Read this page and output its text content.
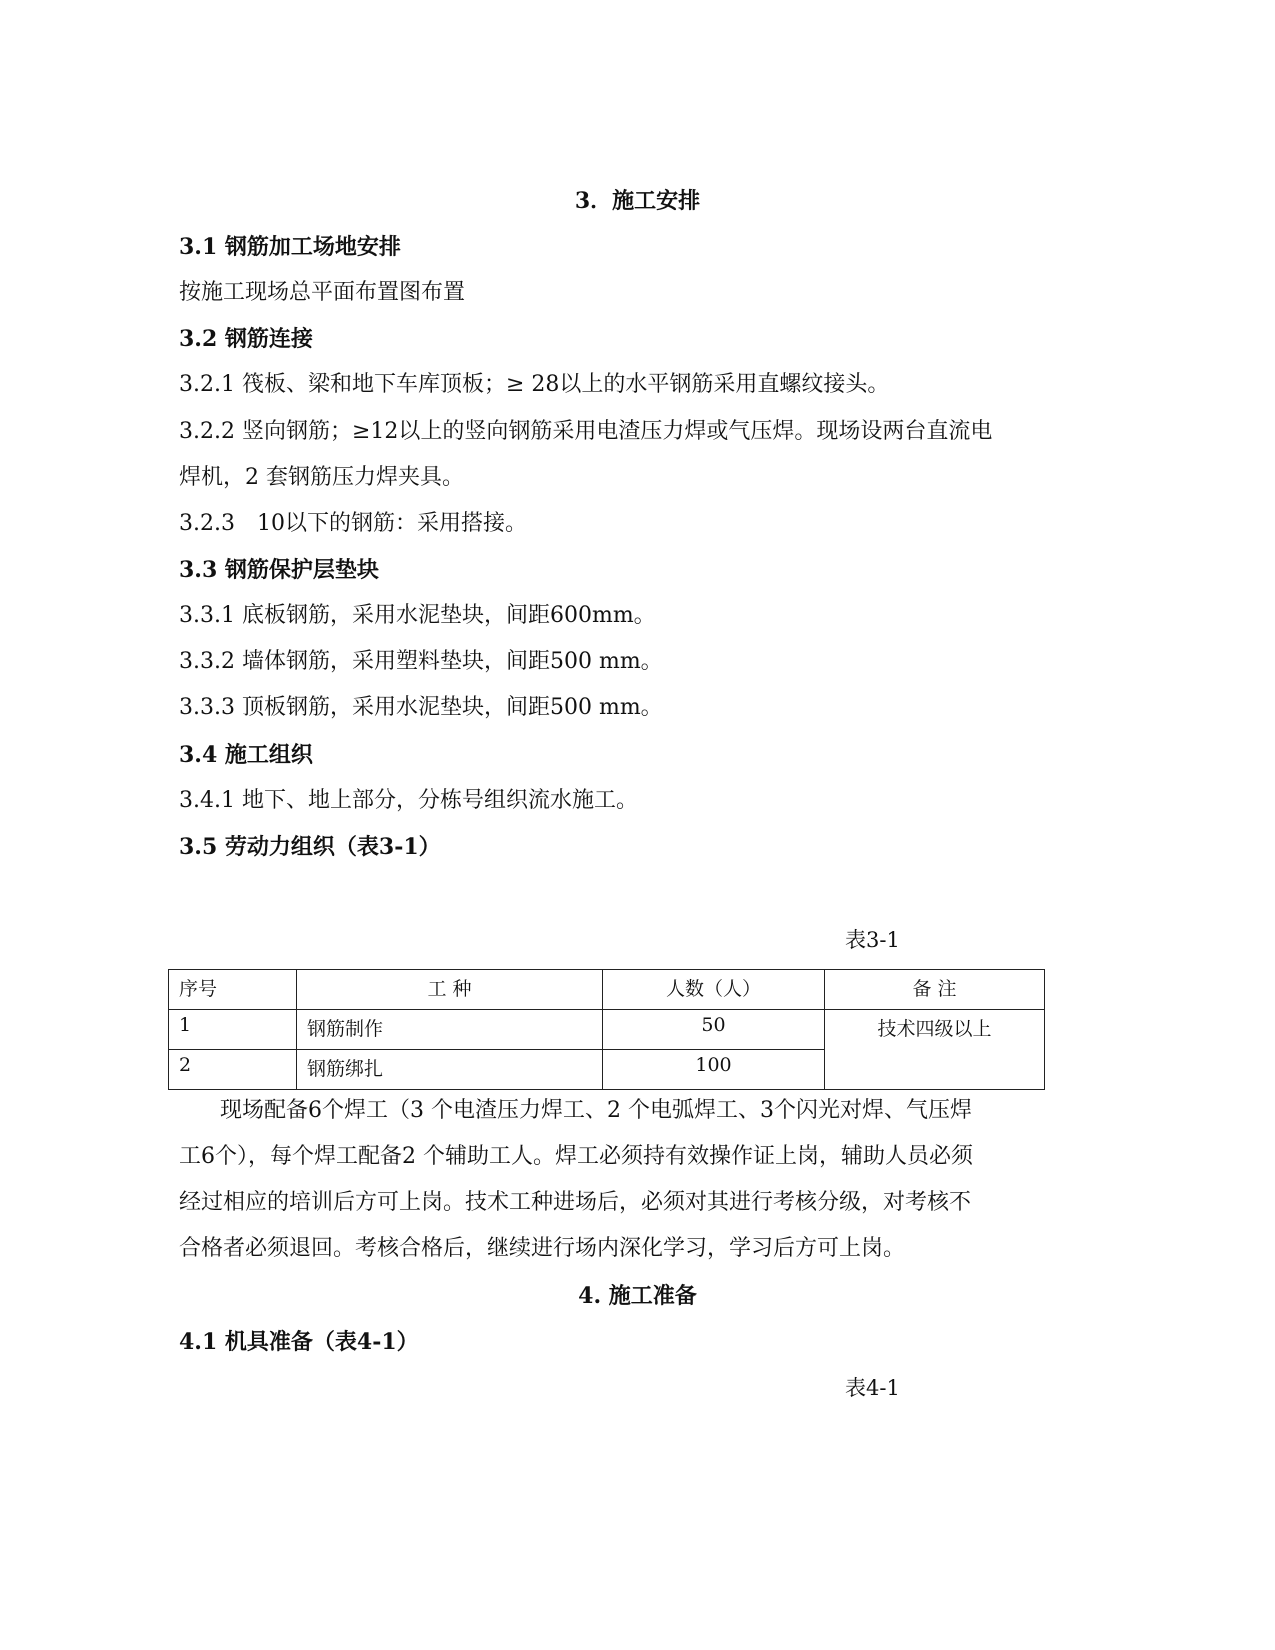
3．施工安排
3.1 钢筋加工场地安排
按施工现场总平面布置图布置
3.2 钢筋连接
3.2.1 筏板、梁和地下车库顶板；≥ 28以上的水平钢筋采用直螺纹接头。
3.2.2 竖向钢筋；≥12以上的竖向钢筋采用电渣压力焊或气压焊。现场设两台直流电
焊机，2 套钢筋压力焊夹具。
3.2.3　10以下的钢筋：采用搭接。
3.3 钢筋保护层垫块
3.3.1 底板钢筋，采用水泥垫块，间距600mm。
3.3.2 墙体钢筋，采用塑料垫块，间距500 mm。
3.3.3 顶板钢筋，采用水泥垫块，间距500 mm。
3.4 施工组织
3.4.1 地下、地上部分，分栋号组织流水施工。
3.5 劳动力组织（表3-1）
表3-1
序号	工 种	人数（人）	备 注
1	钢筋制作	50	技术四级以上
2	钢筋绑扎	100	
现场配备6个焊工（3 个电渣压力焊工、2 个电弧焊工、3个闪光对焊、气压焊
工6个），每个焊工配备2 个辅助工人。焊工必须持有效操作证上岗，辅助人员必须
经过相应的培训后方可上岗。技术工种进场后，必须对其进行考核分级，对考核不
合格者必须退回。考核合格后，继续进行场内深化学习，学习后方可上岗。
4. 施工准备
4.1 机具准备（表4-1）
表4-1
